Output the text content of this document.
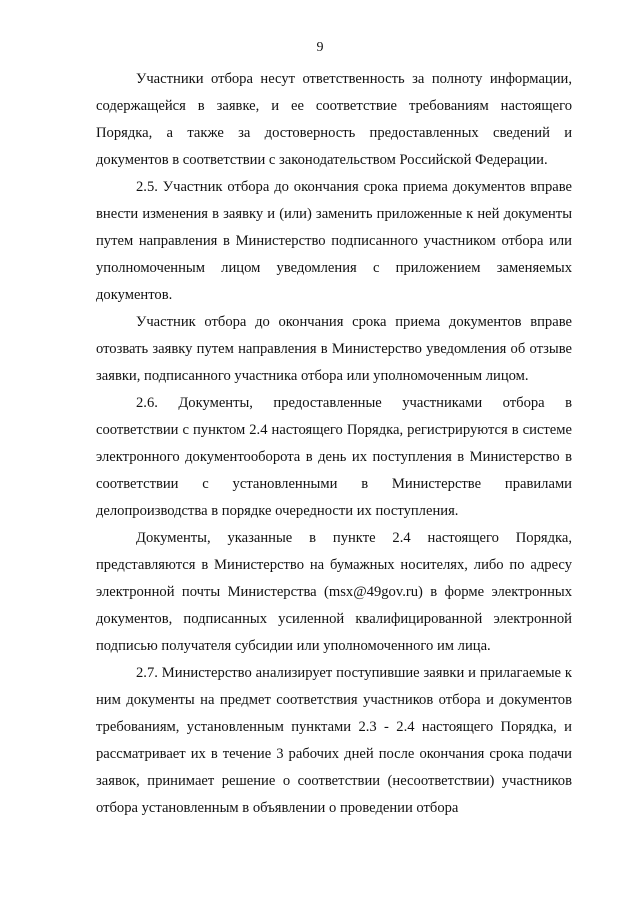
9

Участники отбора несут ответственность за полноту информации, содержащейся в заявке, и ее соответствие требованиям настоящего Порядка, а также за достоверность предоставленных сведений и документов в соответствии с законодательством Российской Федерации.

2.5. Участник отбора до окончания срока приема документов вправе внести изменения в заявку и (или) заменить приложенные к ней документы путем направления в Министерство подписанного участником отбора или уполномоченным лицом уведомления с приложением заменяемых документов.

Участник отбора до окончания срока приема документов вправе отозвать заявку путем направления в Министерство уведомления об отзыве заявки, подписанного участника отбора или уполномоченным лицом.

2.6. Документы, предоставленные участниками отбора в соответствии с пунктом 2.4 настоящего Порядка, регистрируются в системе электронного документооборота в день их поступления в Министерство в соответствии с установленными в Министерстве правилами делопроизводства в порядке очередности их поступления.

Документы, указанные в пункте 2.4 настоящего Порядка, представляются в Министерство на бумажных носителях, либо по адресу электронной почты Министерства (msx@49gov.ru) в форме электронных документов, подписанных усиленной квалифицированной электронной подписью получателя субсидии или уполномоченного им лица.

2.7. Министерство анализирует поступившие заявки и прилагаемые к ним документы на предмет соответствия участников отбора и документов требованиям, установленным пунктами 2.3 - 2.4 настоящего Порядка, и рассматривает их в течение 3 рабочих дней после окончания срока подачи заявок, принимает решение о соответствии (несоответствии) участников отбора установленным в объявлении о проведении отбора
